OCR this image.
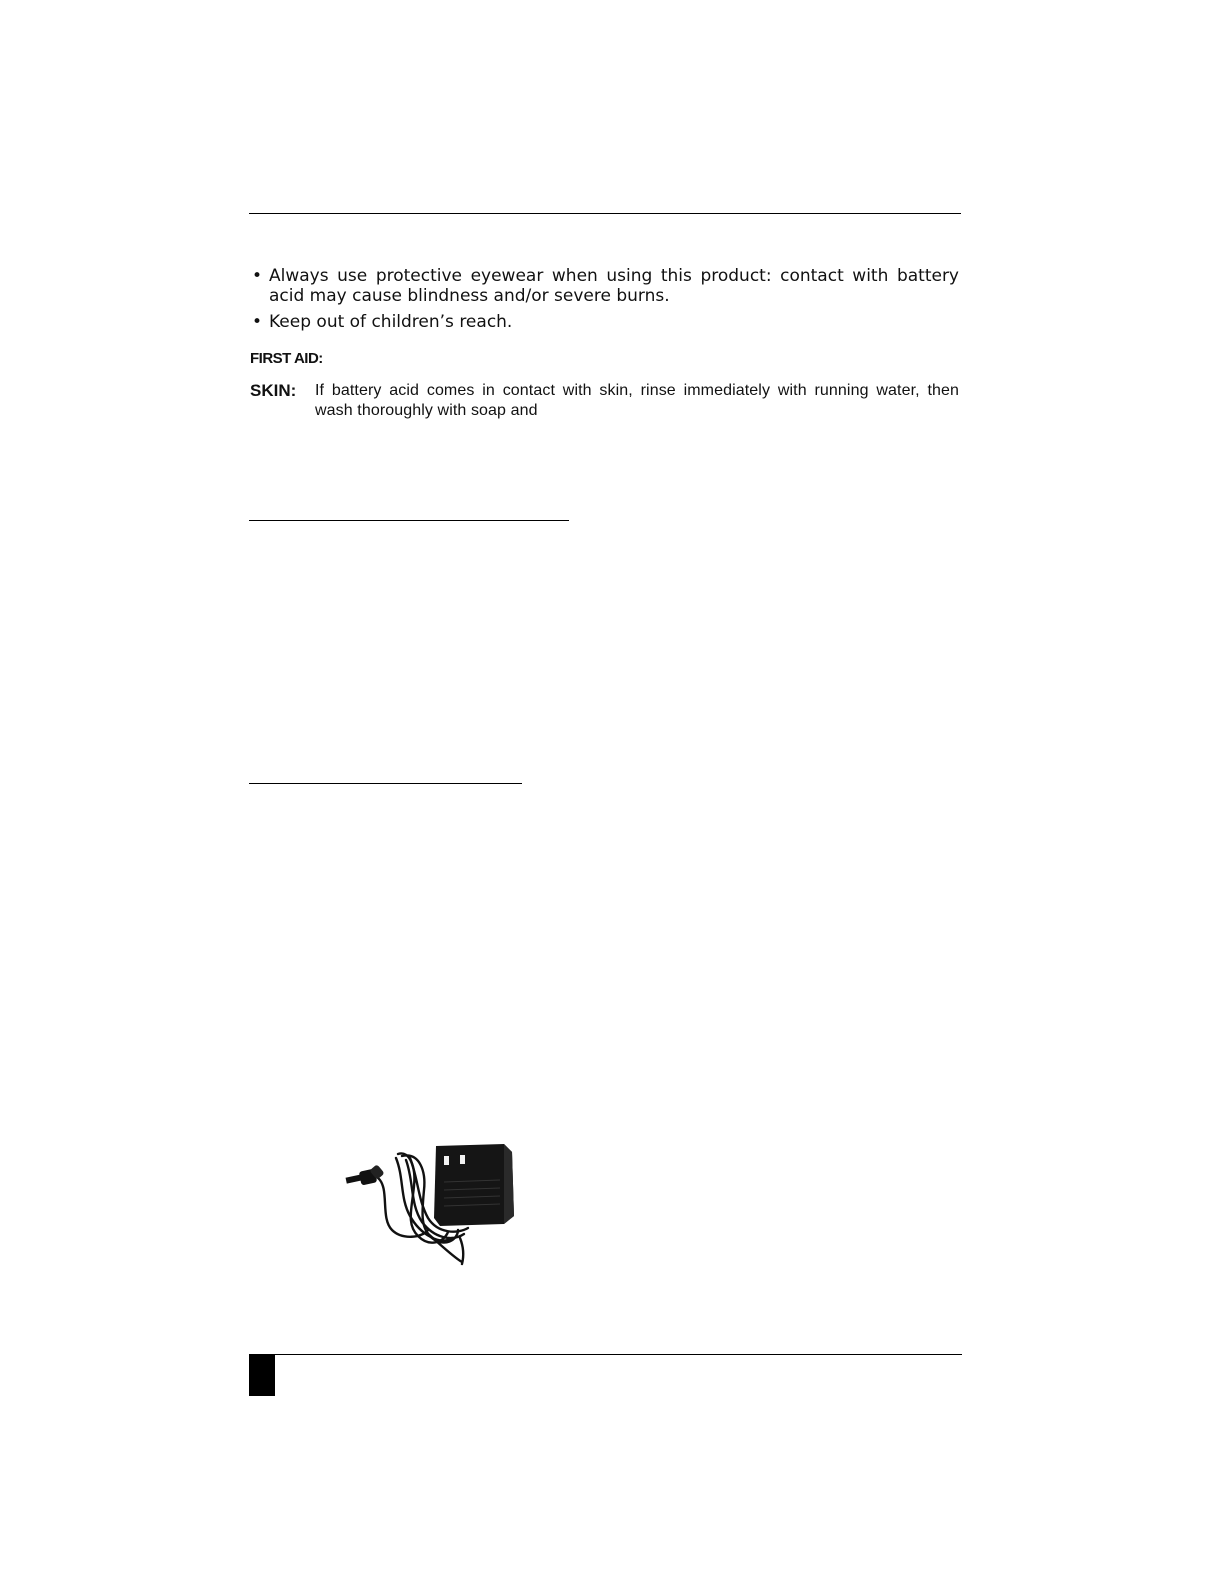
• Always use protective eyewear when using this product: contact with battery acid may cause blindness and/or severe burns.
• Keep out of children’s reach.
FIRST AID:
SKIN: If battery acid comes in contact with skin, rinse immediately with running water, then wash thoroughly with soap and
